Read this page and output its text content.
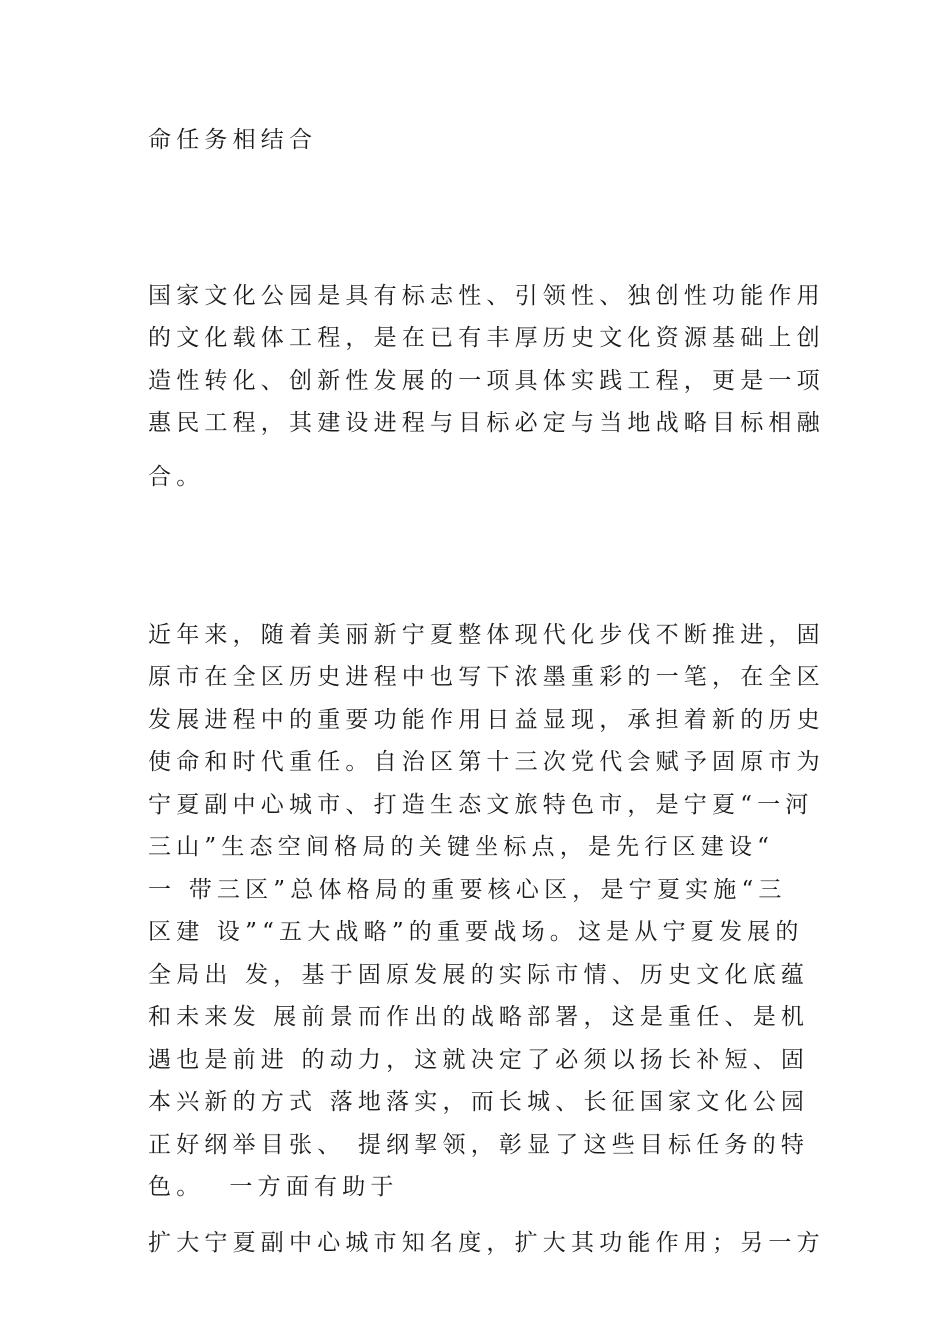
命任务相结合
国家文化公园是具有标志性、引领性、独创性功能作用
的文化载体工程，是在已有丰厚历史文化资源基础上创
造性转化、创新性发展的一项具体实践工程，更是一项
惠民工程，其建设进程与目标必定与当地战略目标相融
合。
近年来，随着美丽新宁夏整体现代化步伐不断推进，固
原市在全区历史进程中也写下浓墨重彩的一笔，在全区
发展进程中的重要功能作用日益显现，承担着新的历史
使命和时代重任。自治区第十三次党代会赋予固原市为
宁夏副中心城市、打造生态文旅特色市，是宁夏“一河
三山”生态空间格局的关键坐标点，是先行区建设“
一 带三区”总体格局的重要核心区，是宁夏实施“三
区建 设”“五大战略”的重要战场。这是从宁夏发展的
全局出 发，基于固原发展的实际市情、历史文化底蕴
和未来发 展前景而作出的战略部署，这是重任、是机
遇也是前进 的动力，这就决定了必须以扬长补短、固
本兴新的方式 落地落实，而长城、长征国家文化公园
正好纲举目张、 提纲挈领，彰显了这些目标任务的特
色。  一方面有助于
扩大宁夏副中心城市知名度，扩大其功能作用；另一方
